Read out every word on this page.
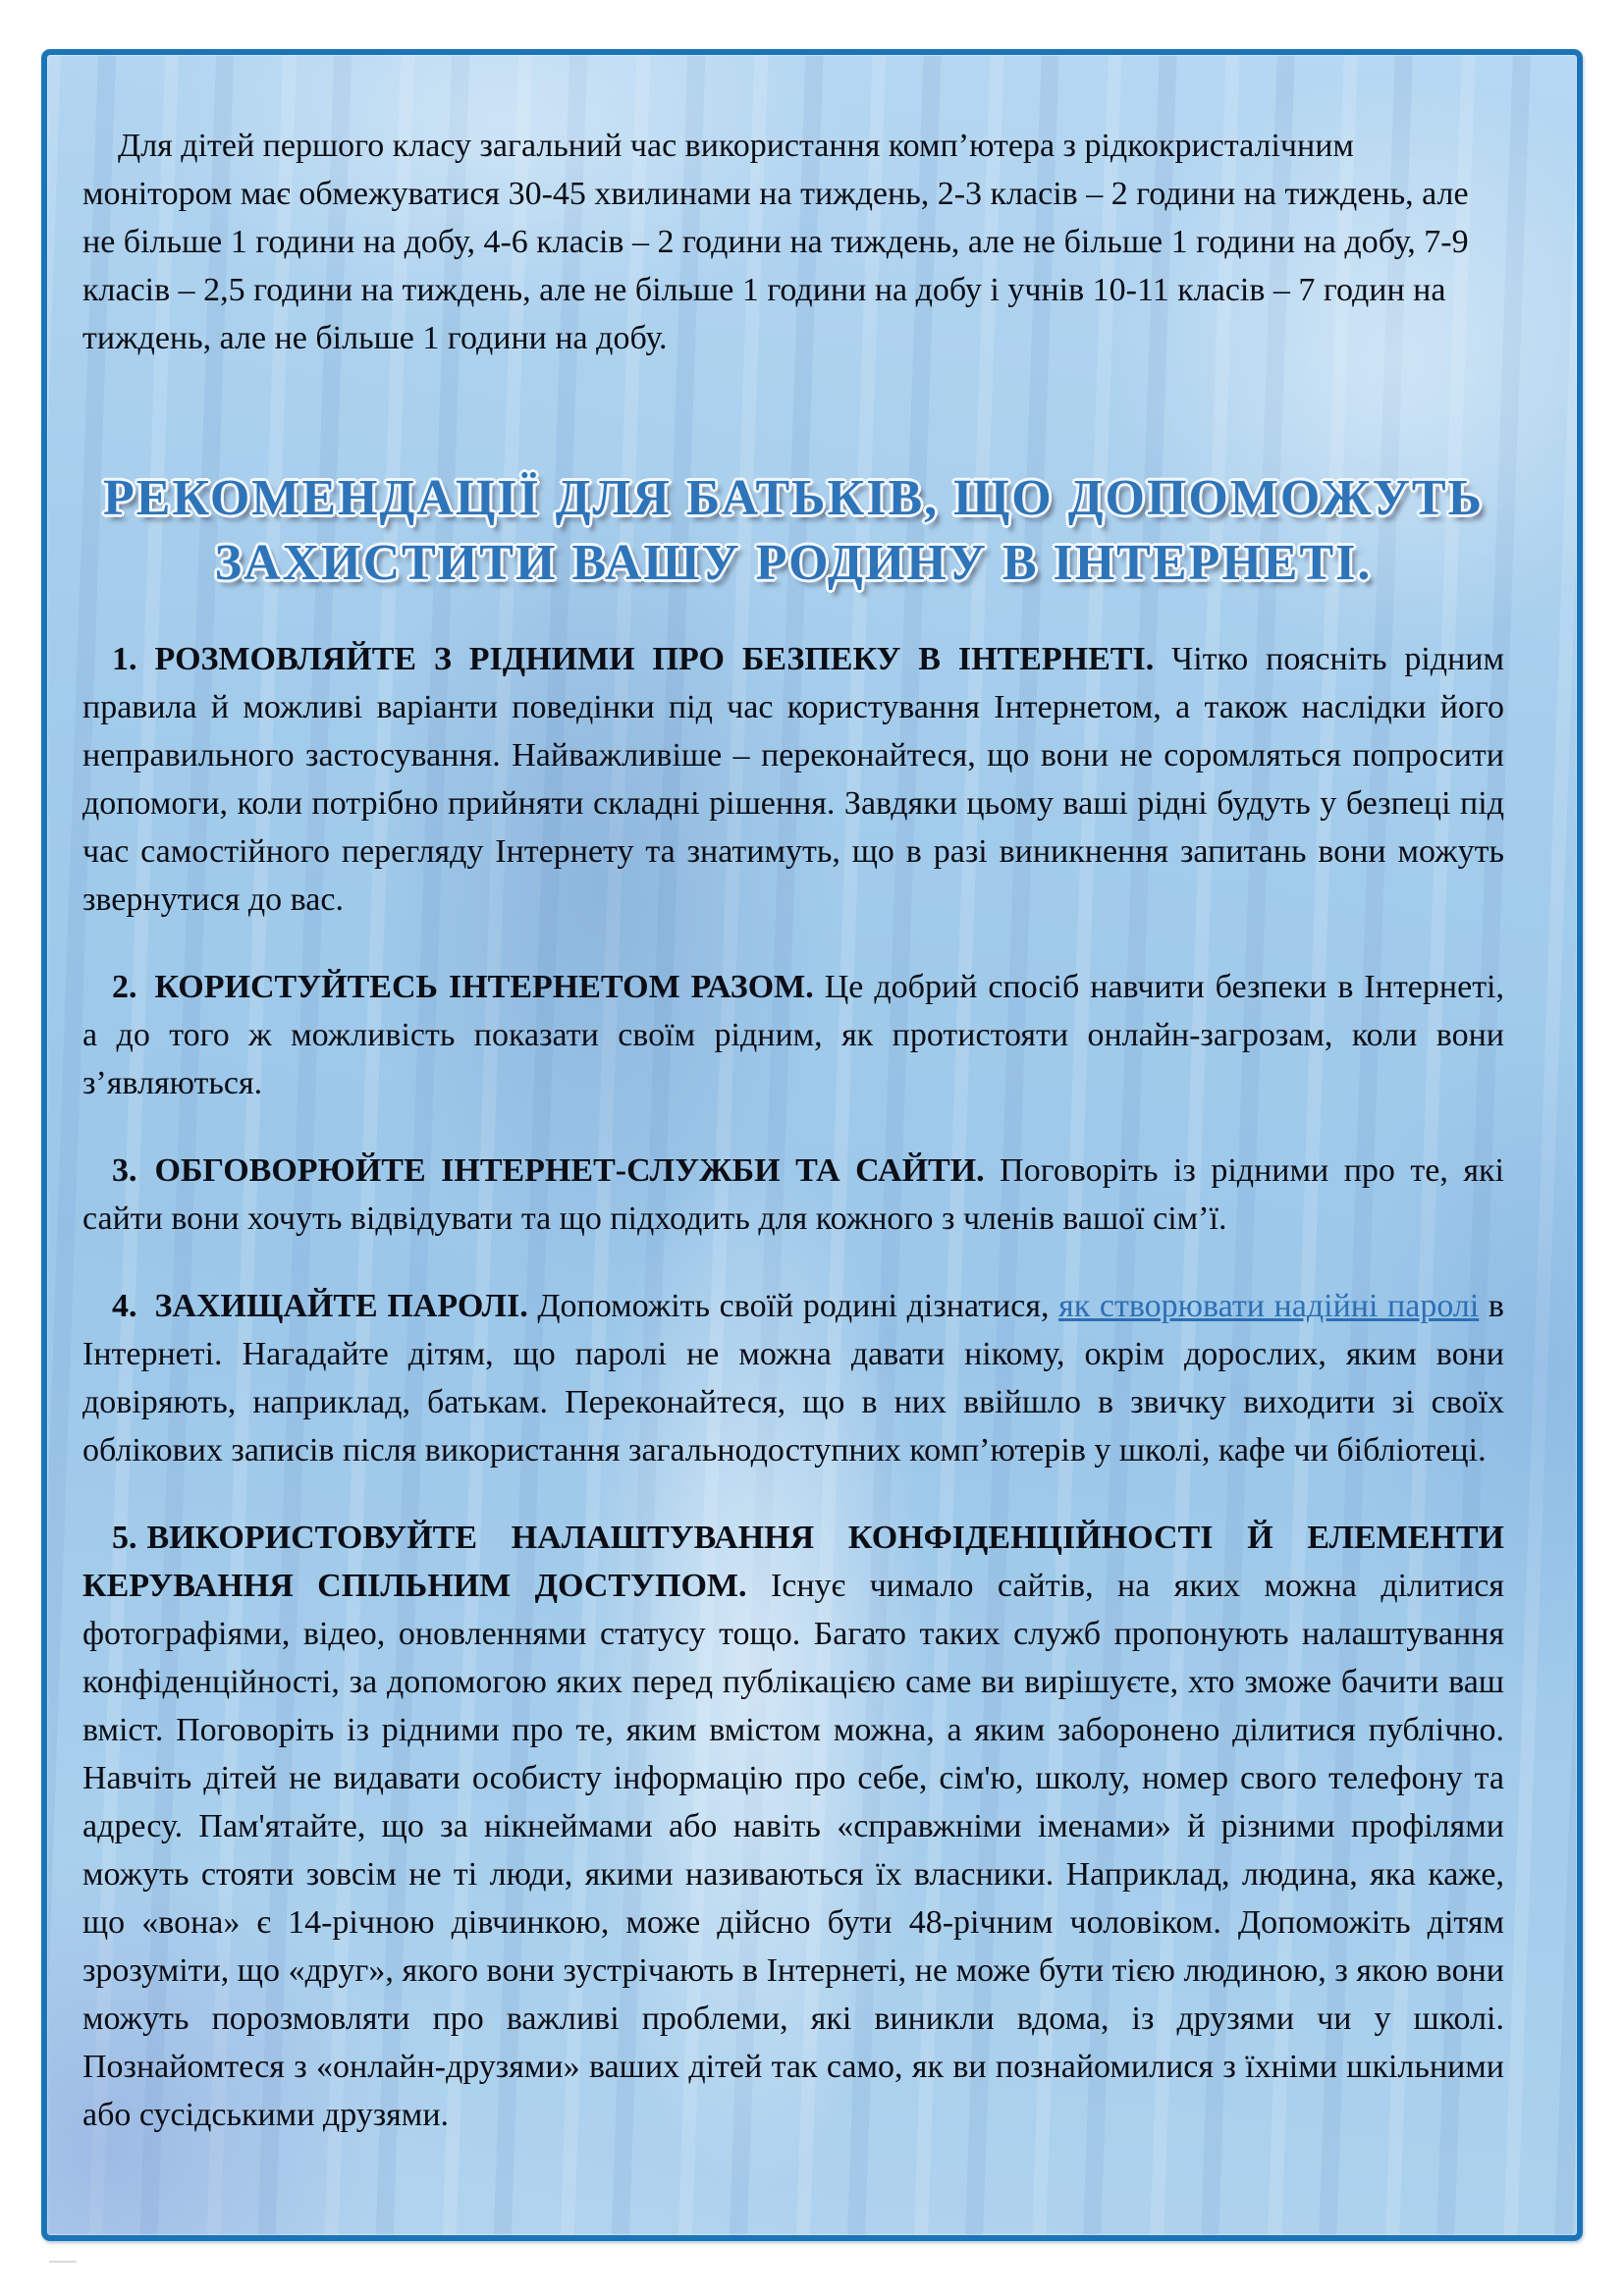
Для дітей першого класу загальний час використання комп’ютера з рідкокристалічним монітором має обмежуватися 30-45 хвилинами на тиждень, 2-3 класів – 2 години на тиждень, але не більше 1 години на добу, 4-6 класів – 2 години на тиждень, але не більше 1 години на добу, 7-9 класів – 2,5 години на тиждень, але не більше 1 години на добу і учнів 10-11 класів – 7 годин на тиждень, але не більше 1 години на добу.

РЕКОМЕНДАЦІЇ ДЛЯ БАТЬКІВ, ЩО ДОПОМОЖУТЬ
ЗАХИСТИТИ ВАШУ РОДИНУ В ІНТЕРНЕТІ.

1. РОЗМОВЛЯЙТЕ З РІДНИМИ ПРО БЕЗПЕКУ В ІНТЕРНЕТІ. Чітко поясніть рідним правила й можливі варіанти поведінки під час користування Інтернетом, а також наслідки його неправильного застосування. Найважливіше – переконайтеся, що вони не соромляться попросити допомоги, коли потрібно прийняти складні рішення. Завдяки цьому ваші рідні будуть у безпеці під час самостійного перегляду Інтернету та знатимуть, що в разі виникнення запитань вони можуть звернутися до вас.

2. КОРИСТУЙТЕСЬ ІНТЕРНЕТОМ РАЗОМ. Це добрий спосіб навчити безпеки в Інтернеті, а до того ж можливість показати своїм рідним, як протистояти онлайн-загрозам, коли вони з’являються.

3. ОБГОВОРЮЙТЕ ІНТЕРНЕТ-СЛУЖБИ ТА САЙТИ. Поговоріть із рідними про те, які сайти вони хочуть відвідувати та що підходить для кожного з членів вашої сім’ї.

4. ЗАХИЩАЙТЕ ПАРОЛІ. Допоможіть своїй родині дізнатися, як створювати надійні паролі в Інтернеті. Нагадайте дітям, що паролі не можна давати нікому, окрім дорослих, яким вони довіряють, наприклад, батькам. Переконайтеся, що в них ввійшло в звичку виходити зі своїх облікових записів після використання загальнодоступних комп’ютерів у школі, кафе чи бібліотеці.

5. ВИКОРИСТОВУЙТЕ НАЛАШТУВАННЯ КОНФІДЕНЦІЙНОСТІ Й ЕЛЕМЕНТИ КЕРУВАННЯ СПІЛЬНИМ ДОСТУПОМ. Існує чимало сайтів, на яких можна ділитися фотографіями, відео, оновленнями статусу тощо. Багато таких служб пропонують налаштування конфіденційності, за допомогою яких перед публікацією саме ви вирішуєте, хто зможе бачити ваш вміст. Поговоріть із рідними про те, яким вмістом можна, а яким заборонено ділитися публічно. Навчіть дітей не видавати особисту інформацію про себе, сім'ю, школу, номер свого телефону та адресу. Пам'ятайте, що за нікнеймами або навіть «справжніми іменами» й різними профілями можуть стояти зовсім не ті люди, якими називаються їх власники. Наприклад, людина, яка каже, що «вона» є 14-річною дівчинкою, може дійсно бути 48-річним чоловіком. Допоможіть дітям зрозуміти, що «друг», якого вони зустрічають в Інтернеті, не може бути тією людиною, з якою вони можуть порозмовляти про важливі проблеми, які виникли вдома, із друзями чи у школі. Познайомтеся з «онлайн-друзями» ваших дітей так само, як ви познайомилися з їхніми шкільними або сусідськими друзями.
